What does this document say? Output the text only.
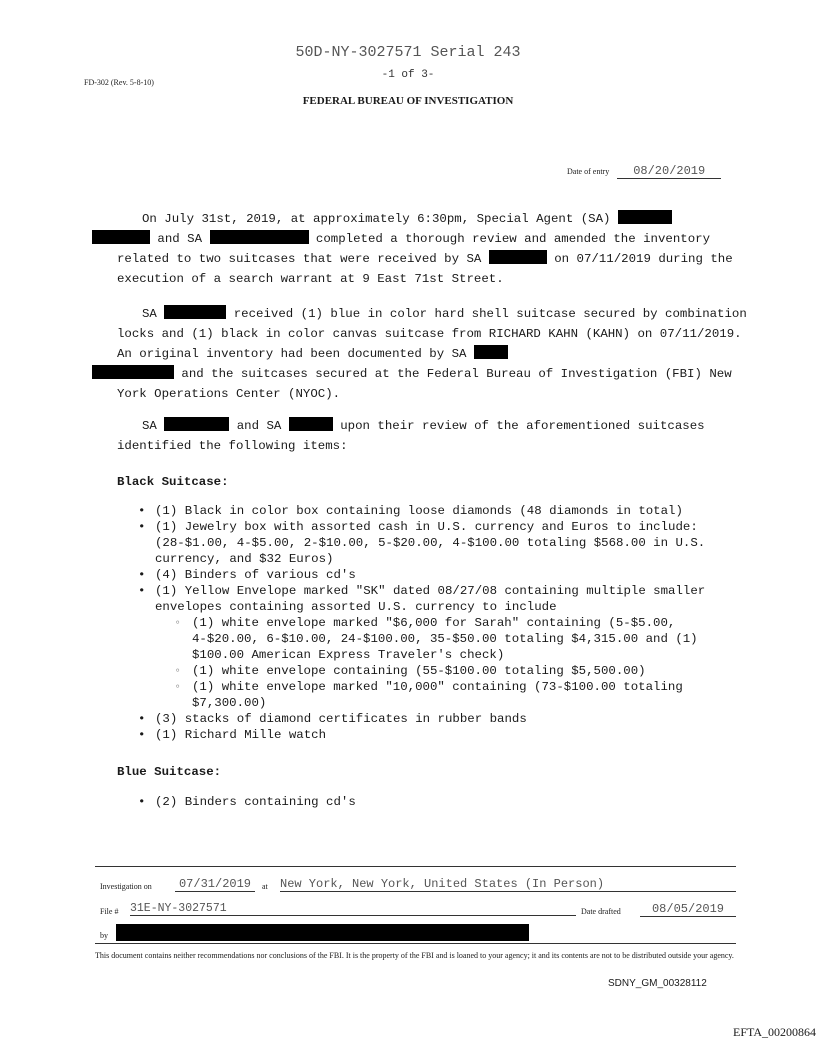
50D-NY-3027571 Serial 243
-1 of 3-
FD-302 (Rev. 5-8-10)
FEDERAL BUREAU OF INVESTIGATION
Date of entry 08/20/2019

On July 31st, 2019, at approximately 6:30pm, Special Agent (SA)
and SA	completed a thorough review and amended the inventory related to two suitcases that were received by SA	on 07/11/2019 during the execution of a search warrant at 9 East 71st Street.

SA	received (1) blue in color hard shell suitcase secured by combination locks and (1) black in color canvas suitcase from RICHARD KAHN (KAHN) on 07/11/2019. An original inventory had been documented by SA
and the suitcases secured at the Federal Bureau of Investigation (FBI) New York Operations Center (NYOC).

SA	and SA	upon their review of the aforementioned suitcases identified the following items:

Black Suitcase:
• (1) Black in color box containing loose diamonds (48 diamonds in total)
• (1) Jewelry box with assorted cash in U.S. currency and Euros to include: (28-$1.00, 4-$5.00, 2-$10.00, 5-$20.00, 4-$100.00 totaling $568.00 in U.S. currency, and $32 Euros)
• (4) Binders of various cd's
• (1) Yellow Envelope marked "SK" dated 08/27/08 containing multiple smaller envelopes containing assorted U.S. currency to include
◦ (1) white envelope marked "$6,000 for Sarah" containing (5-$5.00, 4-$20.00, 6-$10.00, 24-$100.00, 35-$50.00 totaling $4,315.00 and (1) $100.00 American Express Traveler's check)
◦ (1) white envelope containing (55-$100.00 totaling $5,500.00)
◦ (1) white envelope marked "10,000" containing (73-$100.00 totaling $7,300.00)
• (3) stacks of diamond certificates in rubber bands
• (1) Richard Mille watch
Blue Suitcase:
• (2) Binders containing cd's
Investigation on	07/31/2019	at New York, New York, United States (In Person)
File # 31E-NY-3027571	Date drafted	08/05/2019
by
This document contains neither recommendations nor conclusions of the FBI. It is the property of the FBI and is loaned to your agency; it and its contents are not to be distributed outside your agency.
SDNY_GM_00328112
EFTA_00200864
